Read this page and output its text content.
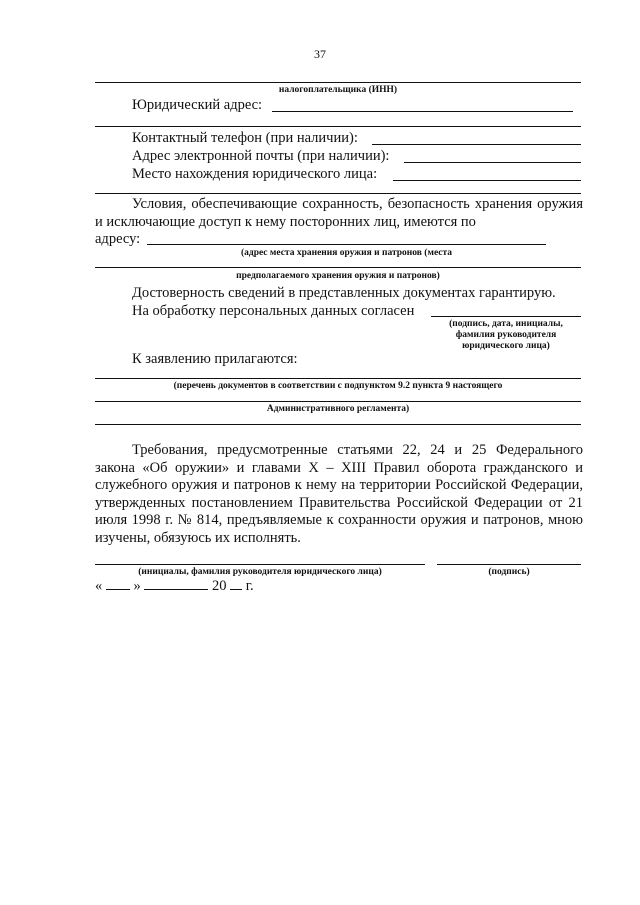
37
налогоплательщика (ИНН)
Юридический адрес:
Контактный телефон (при наличии):
Адрес электронной почты (при наличии):
Место нахождения юридического лица:
Условия, обеспечивающие сохранность, безопасность хранения оружия и исключающие доступ к нему посторонних лиц, имеются по
адресу:
(адрес места хранения оружия и патронов (места
предполагаемого хранения оружия и патронов)
Достоверность сведений в представленных документах гарантирую.
На обработку персональных данных согласен
(подпись, дата, инициалы,
фамилия руководителя
юридического лица)
К заявлению прилагаются:
(перечень документов в соответствии с подпунктом 9.2 пункта 9 настоящего
Административного регламента)
Требования, предусмотренные статьями 22, 24 и 25 Федерального закона «Об оружии» и главами X – XIII Правил оборота гражданского и служебного оружия и патронов к нему на территории Российской Федерации, утвержденных постановлением Правительства Российской Федерации от 21 июля 1998 г. № 814, предъявляемые к сохранности оружия и патронов, мною изучены, обязуюсь их исполнять.
(инициалы, фамилия руководителя юридического лица)	(подпись)
« »	20 г.
